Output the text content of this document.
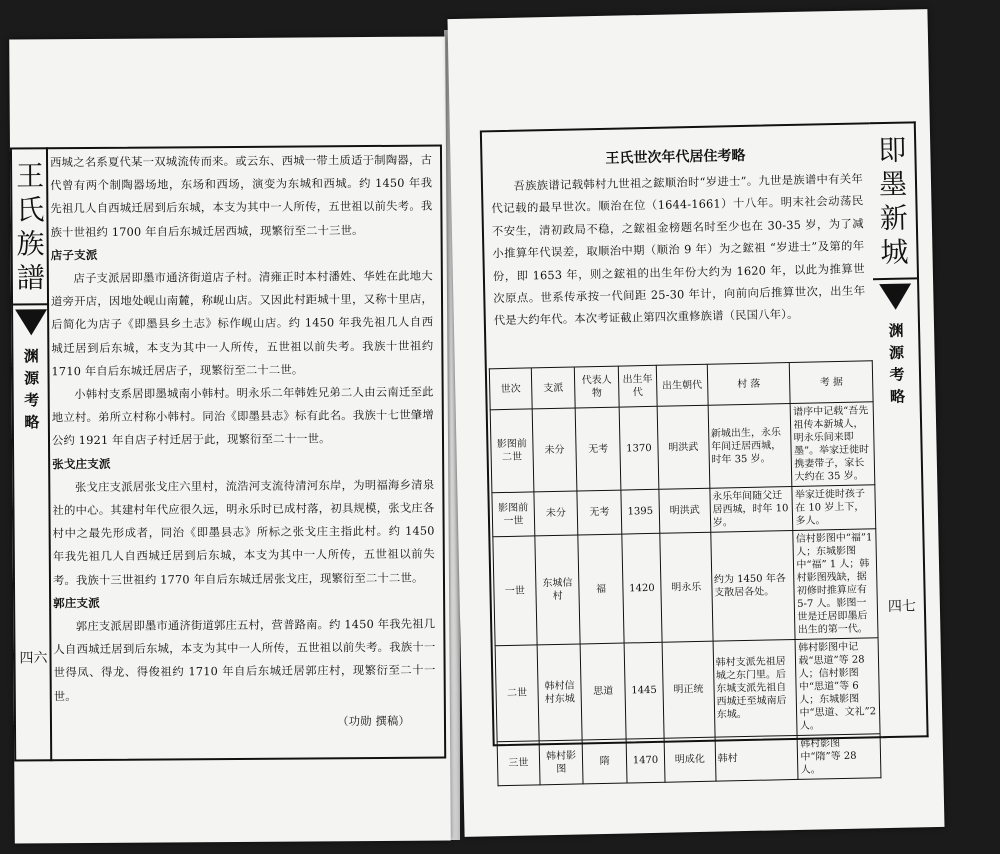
王氏族譜
渊源考略
四六

西城之名系夏代某一双城流传而来。或云东、西城一带土质适于制陶器，古代曾有两个制陶器场地，东场和西场，演变为东城和西城。约 1450 年我先祖几人自西城迁居到后东城，本支为其中一人所传，五世祖以前失考。我族十世祖约 1700 年自后东城迁居西城，现繁衍至二十三世。

店子支派

店子支派居即墨市通济街道店子村。清雍正时本村潘姓、华姓在此地大道旁开店，因地处岘山南麓，称岘山店。又因此村距城十里，又称十里店，后简化为店子《即墨县乡土志》标作岘山店。约 1450 年我先祖几人自西城迁居到后东城，本支为其中一人所传，五世祖以前失考。我族十世祖约 1710 年自后东城迁居店子，现繁衍至二十二世。

小韩村支系居即墨城南小韩村。明永乐二年韩姓兄弟二人由云南迁至此地立村。弟所立村称小韩村。同治《即墨县志》标有此名。我族十七世肇增公约 1921 年自店子村迁居于此，现繁衍至二十一世。

张戈庄支派

张戈庄支派居张戈庄六里村，流浩河支流待清河东岸，为明福海乡清泉社的中心。其建村年代应很久远，明永乐时已成村落，初具规模，张戈庄各村中之最先形成者，同治《即墨县志》所标之张戈庄主指此村。约 1450 年我先祖几人自西城迁居到后东城，本支为其中一人所传，五世祖以前失考。我族十三世祖约 1770 年自后东城迁居张戈庄，现繁衍至二十二世。

郭庄支派

郭庄支派居即墨市通济街道郭庄五村，营普路南。约 1450 年我先祖几人自西城迁居到后东城，本支为其中一人所传，五世祖以前失考。我族十一世得凤、得龙、得俊祖约 1710 年自后东城迁居郭庄村，现繁衍至二十一世。

（功勋 撰稿）
王氏世次年代居住考略

吾族族谱记载韩村九世祖之鋐顺治时“岁进士”。九世是族谱中有关年代记载的最早世次。顺治在位（1644-1661）十八年。明末社会动荡民不安生，清初政局不稳，之鋐祖金榜题名时至少也在 30-35 岁，为了减小推算年代误差，取顺治中期（顺治 9 年）为之鋐祖 “岁进士”及第的年份，即 1653 年，则之鋐祖的出生年份大约为 1620 年，以此为推算世次原点。世系传承按一代间距 25-30 年计，向前向后推算世次，出生年代是大约年代。本次考证截止第四次重修族谱（民国八年）。

世次	支派	代表人物	出生年代	出生朝代	村 落	考 据
影图前二世	未分	无考	1370	明洪武	新城出生，永乐年间迁居西城，时年 35 岁。	谱序中记载“吾先祖传本新城人，明永乐间来即墨”。举家迁徙时携妻带子，家长大约在 35 岁。
影图前一世	未分	无考	1395	明洪武	永乐年间随父迁居西城，时年 10 岁。	举家迁徙时孩子在 10 岁上下，多人。
一世	东城信村	福	1420	明永乐	约为 1450 年各支散居各处。	信村影图中“福”1 人；东城影图中“福” 1 人；韩村影图残缺，据初修时推算应有 5-7 人。影图一世是迁居即墨后出生的第一代。
二世	韩村信村东城	思道	1445	明正统	韩村支派先祖居城之东门里。后东城支派先祖自西城迁至城南后东城。	韩村影图中记载“思道”等 28 人；信村影图中“思道”等 6 人；东城影图中“思道、文礼”2 人。
三世	韩村影图	隋	1470	明成化	韩村	韩村影图中“隋”等 28 人。
即墨新城
渊源考略
四七
